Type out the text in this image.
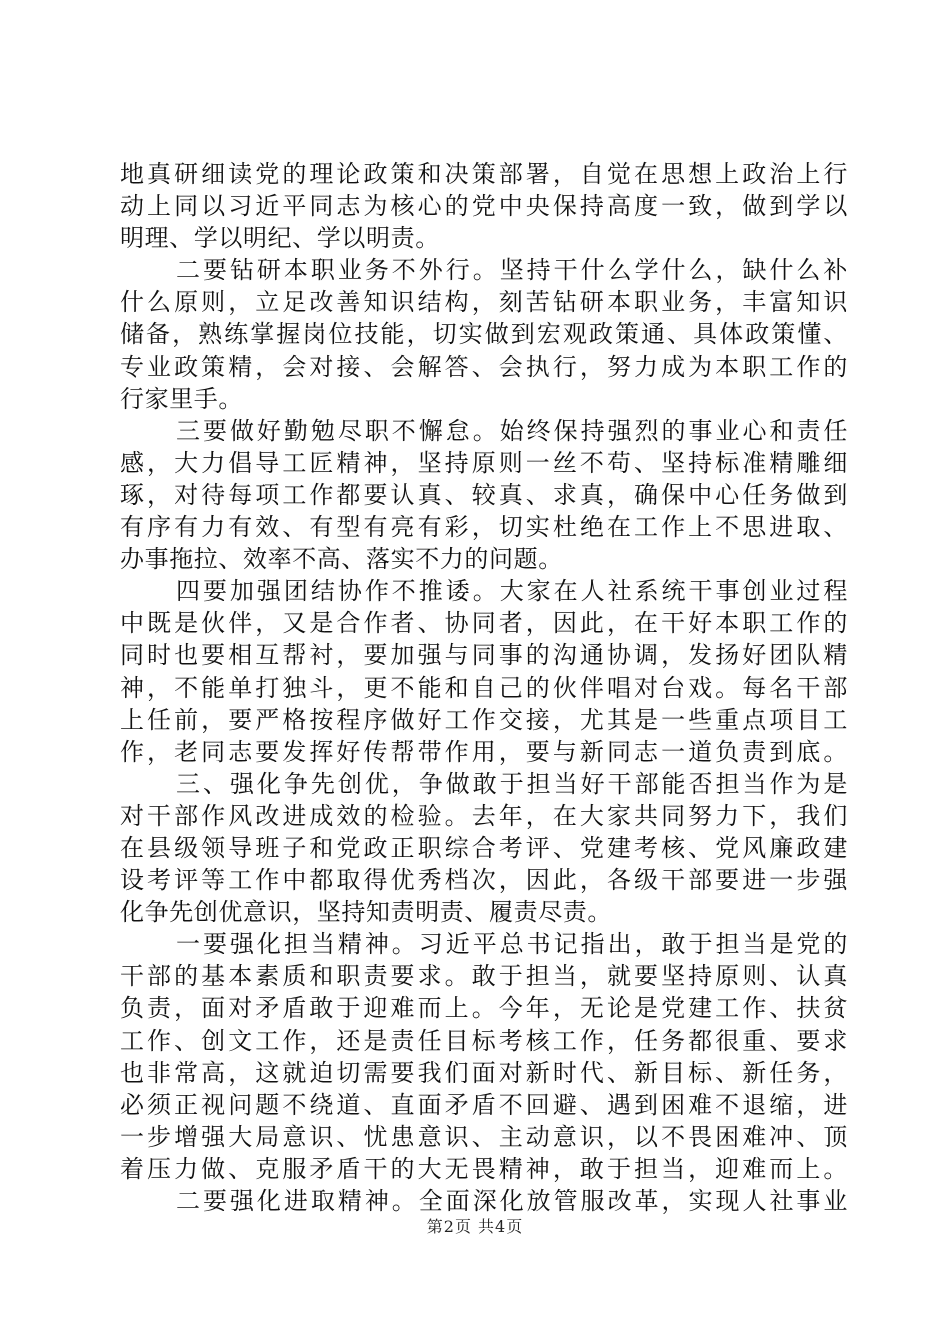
地真研细读党的理论政策和决策部署，自觉在思想上政治上行
动上同以习近平同志为核心的党中央保持高度一致，做到学以
明理、学以明纪、学以明责。
二要钻研本职业务不外行。坚持干什么学什么，缺什么补
什么原则，立足改善知识结构，刻苦钻研本职业务，丰富知识
储备，熟练掌握岗位技能，切实做到宏观政策通、具体政策懂、
专业政策精，会对接、会解答、会执行，努力成为本职工作的
行家里手。
三要做好勤勉尽职不懈怠。始终保持强烈的事业心和责任
感，大力倡导工匠精神，坚持原则一丝不苟、坚持标准精雕细
琢，对待每项工作都要认真、较真、求真，确保中心任务做到
有序有力有效、有型有亮有彩，切实杜绝在工作上不思进取、
办事拖拉、效率不高、落实不力的问题。
四要加强团结协作不推诿。大家在人社系统干事创业过程
中既是伙伴，又是合作者、协同者，因此，在干好本职工作的
同时也要相互帮衬，要加强与同事的沟通协调，发扬好团队精
神，不能单打独斗，更不能和自己的伙伴唱对台戏。每名干部
上任前，要严格按程序做好工作交接，尤其是一些重点项目工
作，老同志要发挥好传帮带作用，要与新同志一道负责到底。
三、强化争先创优，争做敢于担当好干部能否担当作为是
对干部作风改进成效的检验。去年，在大家共同努力下，我们
在县级领导班子和党政正职综合考评、党建考核、党风廉政建
设考评等工作中都取得优秀档次，因此，各级干部要进一步强
化争先创优意识，坚持知责明责、履责尽责。
一要强化担当精神。习近平总书记指出，敢于担当是党的
干部的基本素质和职责要求。敢于担当，就要坚持原则、认真
负责，面对矛盾敢于迎难而上。今年，无论是党建工作、扶贫
工作、创文工作，还是责任目标考核工作，任务都很重、要求
也非常高，这就迫切需要我们面对新时代、新目标、新任务，
必须正视问题不绕道、直面矛盾不回避、遇到困难不退缩，进
一步增强大局意识、忧患意识、主动意识，以不畏困难冲、顶
着压力做、克服矛盾干的大无畏精神，敢于担当，迎难而上。
二要强化进取精神。全面深化放管服改革，实现人社事业
第2页 共4页
